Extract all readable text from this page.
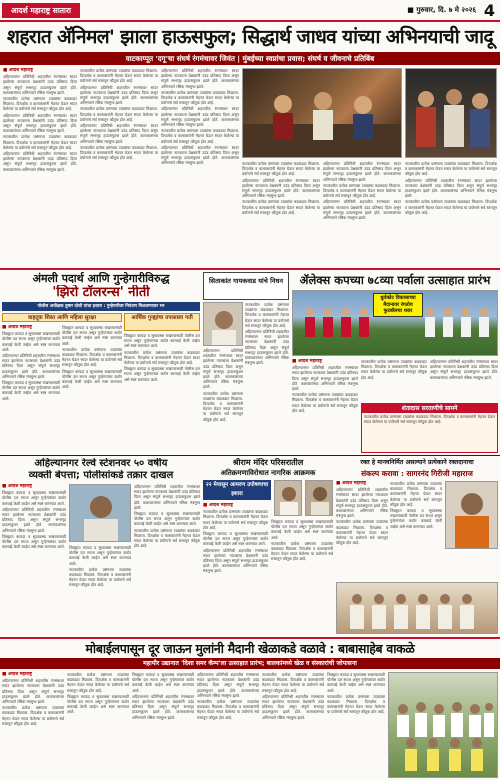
आदर्श महाराष्ट्र सातारा	■ गुरुवार, दि. ७ मे २०२६ 4
शहरात ॲनिमल' झाला हाऊसफुल; सिद्धार्थ जाधव यांच्या अभिनयाची जादू
वाटकाप्पूत 'दगू'चा संघर्ष रंगमंचावर जिवंत | मुंबईच्या स्वप्नांचा प्रवास; संघर्ष व जीवनाचे प्रतिबिंब
■ आदर्श महाराष्ट्र

अहिल्यानगर प्रतिनिधी शहरातील रंगमंचावर सादर झालेल्या नाटकाला प्रेक्षकांनी उदंड प्रतिसाद दिला असून संपूर्ण सभागृह हाऊसफुल्ल झाले होते. कलाकारांच्या अभिनयाने रसिक मंत्रमुग्ध झाले.

नाटकातील प्रत्येक प्रसंगाला टाळ्यांचा कडकडाट मिळाला. दिग्दर्शक व कलाकारांनी मेहनत घेऊन सादर केलेल्या या प्रयोगाचे सर्व स्तरातून कौतुक होत आहे.

अहिल्यानगर प्रतिनिधी शहरातील रंगमंचावर सादर झालेल्या नाटकाला प्रेक्षकांनी उदंड प्रतिसाद दिला असून संपूर्ण सभागृह हाऊसफुल्ल झाले होते. कलाकारांच्या अभिनयाने रसिक मंत्रमुग्ध झाले.

नाटकातील प्रत्येक प्रसंगाला टाळ्यांचा कडकडाट मिळाला. दिग्दर्शक व कलाकारांनी मेहनत घेऊन सादर केलेल्या या प्रयोगाचे सर्व स्तरातून कौतुक होत आहे.

अहिल्यानगर प्रतिनिधी शहरातील रंगमंचावर सादर झालेल्या नाटकाला प्रेक्षकांनी उदंड प्रतिसाद दिला असून संपूर्ण सभागृह हाऊसफुल्ल झाले होते. कलाकारांच्या अभिनयाने रसिक मंत्रमुग्ध झाले.

नाटकातील प्रत्येक प्रसंगाला टाळ्यांचा कडकडाट मिळाला. दिग्दर्शक व कलाकारांनी मेहनत घेऊन सादर केलेल्या या प्रयोगाचे सर्व स्तरातून कौतुक होत आहे.

अहिल्यानगर प्रतिनिधी शहरातील रंगमंचावर सादर झालेल्या नाटकाला प्रेक्षकांनी उदंड प्रतिसाद दिला असून संपूर्ण सभागृह हाऊसफुल्ल झाले होते. कलाकारांच्या अभिनयाने रसिक मंत्रमुग्ध झाले.

नाटकातील प्रत्येक प्रसंगाला टाळ्यांचा कडकडाट मिळाला. दिग्दर्शक व कलाकारांनी मेहनत घेऊन सादर केलेल्या या प्रयोगाचे सर्व स्तरातून कौतुक होत आहे.

अहिल्यानगर प्रतिनिधी शहरातील रंगमंचावर सादर झालेल्या नाटकाला प्रेक्षकांनी उदंड प्रतिसाद दिला असून संपूर्ण सभागृह हाऊसफुल्ल झाले होते. कलाकारांच्या अभिनयाने रसिक मंत्रमुग्ध झाले.

नाटकातील प्रत्येक प्रसंगाला टाळ्यांचा कडकडाट मिळाला. दिग्दर्शक व कलाकारांनी मेहनत घेऊन सादर केलेल्या या प्रयोगाचे सर्व स्तरातून कौतुक होत आहे.

अहिल्यानगर प्रतिनिधी शहरातील रंगमंचावर सादर झालेल्या नाटकाला प्रेक्षकांनी उदंड प्रतिसाद दिला असून संपूर्ण सभागृह हाऊसफुल्ल झाले होते. कलाकारांच्या अभिनयाने रसिक मंत्रमुग्ध झाले.

नाटकातील प्रत्येक प्रसंगाला टाळ्यांचा कडकडाट मिळाला. दिग्दर्शक व कलाकारांनी मेहनत घेऊन सादर केलेल्या या प्रयोगाचे सर्व स्तरातून कौतुक होत आहे.

अहिल्यानगर प्रतिनिधी शहरातील रंगमंचावर सादर झालेल्या नाटकाला प्रेक्षकांनी उदंड प्रतिसाद दिला असून संपूर्ण सभागृह हाऊसफुल्ल झाले होते. कलाकारांच्या अभिनयाने रसिक मंत्रमुग्ध झाले.

नाटकातील प्रत्येक प्रसंगाला टाळ्यांचा कडकडाट मिळाला. दिग्दर्शक व कलाकारांनी मेहनत घेऊन सादर केलेल्या या प्रयोगाचे सर्व स्तरातून कौतुक होत आहे.

अहिल्यानगर प्रतिनिधी शहरातील रंगमंचावर सादर झालेल्या नाटकाला प्रेक्षकांनी उदंड प्रतिसाद दिला असून संपूर्ण सभागृह हाऊसफुल्ल झाले होते. कलाकारांच्या अभिनयाने रसिक मंत्रमुग्ध झाले.	नाटकातील प्रत्येक प्रसंगाला टाळ्यांचा कडकडाट मिळाला. दिग्दर्शक व कलाकारांनी मेहनत घेऊन सादर केलेल्या या प्रयोगाचे सर्व स्तरातून कौतुक होत आहे.

अहिल्यानगर प्रतिनिधी शहरातील रंगमंचावर सादर झालेल्या नाटकाला प्रेक्षकांनी उदंड प्रतिसाद दिला असून संपूर्ण सभागृह हाऊसफुल्ल झाले होते. कलाकारांच्या अभिनयाने रसिक मंत्रमुग्ध झाले.

नाटकातील प्रत्येक प्रसंगाला टाळ्यांचा कडकडाट मिळाला. दिग्दर्शक व कलाकारांनी मेहनत घेऊन सादर केलेल्या या प्रयोगाचे सर्व स्तरातून कौतुक होत आहे.

अहिल्यानगर प्रतिनिधी शहरातील रंगमंचावर सादर झालेल्या नाटकाला प्रेक्षकांनी उदंड प्रतिसाद दिला असून संपूर्ण सभागृह हाऊसफुल्ल झाले होते. कलाकारांच्या अभिनयाने रसिक मंत्रमुग्ध झाले.

नाटकातील प्रत्येक प्रसंगाला टाळ्यांचा कडकडाट मिळाला. दिग्दर्शक व कलाकारांनी मेहनत घेऊन सादर केलेल्या या प्रयोगाचे सर्व स्तरातून कौतुक होत आहे.

अहिल्यानगर प्रतिनिधी शहरातील रंगमंचावर सादर झालेल्या नाटकाला प्रेक्षकांनी उदंड प्रतिसाद दिला असून संपूर्ण सभागृह हाऊसफुल्ल झाले होते. कलाकारांच्या अभिनयाने रसिक मंत्रमुग्ध झाले.

नाटकातील प्रत्येक प्रसंगाला टाळ्यांचा कडकडाट मिळाला. दिग्दर्शक व कलाकारांनी मेहनत घेऊन सादर केलेल्या या प्रयोगाचे सर्व स्तरातून कौतुक होत आहे.

अहिल्यानगर प्रतिनिधी शहरातील रंगमंचावर सादर झालेल्या नाटकाला प्रेक्षकांनी उदंड प्रतिसाद दिला असून संपूर्ण सभागृह हाऊसफुल्ल झाले होते. कलाकारांच्या अभिनयाने रसिक मंत्रमुग्ध झाले.

नाटकातील प्रत्येक प्रसंगाला टाळ्यांचा कडकडाट मिळाला. दिग्दर्शक व कलाकारांनी मेहनत घेऊन सादर केलेल्या या प्रयोगाचे सर्व स्तरातून कौतुक होत आहे.

अंमली पदार्थ आणि गुन्हेगारीविरुद्ध
'झिरो टॉलरन्स' नीती
पोलीस अधीक्षक तुषार दोशी यांचा इशारा : गुन्हेगारीवर नियंत्रण मिळवण्यावर भर
वाहतूक शिस्त आणि महिला सुरक्षा	आर्थिक गुन्ह्यांचा तपासाला गती
■ आदर्श महाराष्ट्र

जिल्ह्यात कायदा व सुव्यवस्था राखण्यासाठी पोलीस दल सज्ज असून गुन्हेगारांवर कठोर कारवाई केली जाईल असे स्पष्ट करण्यात आले.

अहिल्यानगर प्रतिनिधी शहरातील रंगमंचावर सादर झालेल्या नाटकाला प्रेक्षकांनी उदंड प्रतिसाद दिला असून संपूर्ण सभागृह हाऊसफुल्ल झाले होते. कलाकारांच्या अभिनयाने रसिक मंत्रमुग्ध झाले.

जिल्ह्यात कायदा व सुव्यवस्था राखण्यासाठी पोलीस दल सज्ज असून गुन्हेगारांवर कठोर कारवाई केली जाईल असे स्पष्ट करण्यात आले.

जिल्ह्यात कायदा व सुव्यवस्था राखण्यासाठी पोलीस दल सज्ज असून गुन्हेगारांवर कठोर कारवाई केली जाईल असे स्पष्ट करण्यात आले.

नाटकातील प्रत्येक प्रसंगाला टाळ्यांचा कडकडाट मिळाला. दिग्दर्शक व कलाकारांनी मेहनत घेऊन सादर केलेल्या या प्रयोगाचे सर्व स्तरातून कौतुक होत आहे.

जिल्ह्यात कायदा व सुव्यवस्था राखण्यासाठी पोलीस दल सज्ज असून गुन्हेगारांवर कठोर कारवाई केली जाईल असे स्पष्ट करण्यात आले.

जिल्ह्यात कायदा व सुव्यवस्था राखण्यासाठी पोलीस दल सज्ज असून गुन्हेगारांवर कठोर कारवाई केली जाईल असे स्पष्ट करण्यात आले.

नाटकातील प्रत्येक प्रसंगाला टाळ्यांचा कडकडाट मिळाला. दिग्दर्शक व कलाकारांनी मेहनत घेऊन सादर केलेल्या या प्रयोगाचे सर्व स्तरातून कौतुक होत आहे.

जिल्ह्यात कायदा व सुव्यवस्था राखण्यासाठी पोलीस दल सज्ज असून गुन्हेगारांवर कठोर कारवाई केली जाईल असे स्पष्ट करण्यात आले.

सिताकांत गायकवाड यांचे निधन

नाटकातील प्रत्येक प्रसंगाला टाळ्यांचा कडकडाट मिळाला. दिग्दर्शक व कलाकारांनी मेहनत घेऊन सादर केलेल्या या प्रयोगाचे सर्व स्तरातून कौतुक होत आहे.

अहिल्यानगर प्रतिनिधी शहरातील रंगमंचावर सादर झालेल्या नाटकाला प्रेक्षकांनी उदंड प्रतिसाद दिला असून संपूर्ण सभागृह हाऊसफुल्ल झाले होते. कलाकारांच्या अभिनयाने रसिक मंत्रमुग्ध झाले.

अहिल्यानगर प्रतिनिधी शहरातील रंगमंचावर सादर झालेल्या नाटकाला प्रेक्षकांनी उदंड प्रतिसाद दिला असून संपूर्ण सभागृह हाऊसफुल्ल झाले होते. कलाकारांच्या अभिनयाने रसिक मंत्रमुग्ध झाले.

नाटकातील प्रत्येक प्रसंगाला टाळ्यांचा कडकडाट मिळाला. दिग्दर्शक व कलाकारांनी मेहनत घेऊन सादर केलेल्या या प्रयोगाचे सर्व स्तरातून कौतुक होत आहे.

ॲलेक्स कपच्या ७८व्या पर्वाला उत्साहात प्रारंभ
धुर्वकोट विकासाच्या मैदानावर रंगतोय फुटबॉलचा थरार
■ आदर्श महाराष्ट्र

अहिल्यानगर प्रतिनिधी शहरातील रंगमंचावर सादर झालेल्या नाटकाला प्रेक्षकांनी उदंड प्रतिसाद दिला असून संपूर्ण सभागृह हाऊसफुल्ल झाले होते. कलाकारांच्या अभिनयाने रसिक मंत्रमुग्ध झाले.

नाटकातील प्रत्येक प्रसंगाला टाळ्यांचा कडकडाट मिळाला. दिग्दर्शक व कलाकारांनी मेहनत घेऊन सादर केलेल्या या प्रयोगाचे सर्व स्तरातून कौतुक होत आहे.

नाटकातील प्रत्येक प्रसंगाला टाळ्यांचा कडकडाट मिळाला. दिग्दर्शक व कलाकारांनी मेहनत घेऊन सादर केलेल्या या प्रयोगाचे सर्व स्तरातून कौतुक होत आहे.

अहिल्यानगर प्रतिनिधी शहरातील रंगमंचावर सादर झालेल्या नाटकाला प्रेक्षकांनी उदंड प्रतिसाद दिला असून संपूर्ण सभागृह हाऊसफुल्ल झाले होते. कलाकारांच्या अभिनयाने रसिक मंत्रमुग्ध झाले.

शंतादास सरताणीचे सामने

नाटकातील प्रत्येक प्रसंगाला टाळ्यांचा कडकडाट मिळाला. दिग्दर्शक व कलाकारांनी मेहनत घेऊन सादर केलेल्या या प्रयोगाचे सर्व स्तरातून कौतुक होत आहे.

अहिल्यानगर रेल्वे स्टेशनवर ५० वर्षीय
व्यक्ती बेपत्ता; पोलीसांकडे तक्रार दाखल
■ आदर्श महाराष्ट्र

जिल्ह्यात कायदा व सुव्यवस्था राखण्यासाठी पोलीस दल सज्ज असून गुन्हेगारांवर कठोर कारवाई केली जाईल असे स्पष्ट करण्यात आले.

अहिल्यानगर प्रतिनिधी शहरातील रंगमंचावर सादर झालेल्या नाटकाला प्रेक्षकांनी उदंड प्रतिसाद दिला असून संपूर्ण सभागृह हाऊसफुल्ल झाले होते. कलाकारांच्या अभिनयाने रसिक मंत्रमुग्ध झाले.

जिल्ह्यात कायदा व सुव्यवस्था राखण्यासाठी पोलीस दल सज्ज असून गुन्हेगारांवर कठोर कारवाई केली जाईल असे स्पष्ट करण्यात आले. जिल्ह्यात कायदा व सुव्यवस्था राखण्यासाठी पोलीस दल सज्ज असून गुन्हेगारांवर कठोर कारवाई केली जाईल असे स्पष्ट करण्यात आले.

नाटकातील प्रत्येक प्रसंगाला टाळ्यांचा कडकडाट मिळाला. दिग्दर्शक व कलाकारांनी मेहनत घेऊन सादर केलेल्या या प्रयोगाचे सर्व स्तरातून कौतुक होत आहे.

अहिल्यानगर प्रतिनिधी शहरातील रंगमंचावर सादर झालेल्या नाटकाला प्रेक्षकांनी उदंड प्रतिसाद दिला असून संपूर्ण सभागृह हाऊसफुल्ल झाले होते. कलाकारांच्या अभिनयाने रसिक मंत्रमुग्ध झाले.

जिल्ह्यात कायदा व सुव्यवस्था राखण्यासाठी पोलीस दल सज्ज असून गुन्हेगारांवर कठोर कारवाई केली जाईल असे स्पष्ट करण्यात आले.

नाटकातील प्रत्येक प्रसंगाला टाळ्यांचा कडकडाट मिळाला. दिग्दर्शक व कलाकारांनी मेहनत घेऊन सादर केलेल्या या प्रयोगाचे सर्व स्तरातून कौतुक होत आहे.

श्रीराम मंदिर परिसरातील
अतिक्रमणाविरोधात नागरिक आक्रमक
२२ मेपासून आमरण उपोषणाचा इशारा
■ आदर्श महाराष्ट्र

नाटकातील प्रत्येक प्रसंगाला टाळ्यांचा कडकडाट मिळाला. दिग्दर्शक व कलाकारांनी मेहनत घेऊन सादर केलेल्या या प्रयोगाचे सर्व स्तरातून कौतुक होत आहे.

जिल्ह्यात कायदा व सुव्यवस्था राखण्यासाठी पोलीस दल सज्ज असून गुन्हेगारांवर कठोर कारवाई केली जाईल असे स्पष्ट करण्यात आले.

अहिल्यानगर प्रतिनिधी शहरातील रंगमंचावर सादर झालेल्या नाटकाला प्रेक्षकांनी उदंड प्रतिसाद दिला असून संपूर्ण सभागृह हाऊसफुल्ल झाले होते. कलाकारांच्या अभिनयाने रसिक मंत्रमुग्ध झाले.

जिल्ह्यात कायदा व सुव्यवस्था राखण्यासाठी पोलीस दल सज्ज असून गुन्हेगारांवर कठोर कारवाई केली जाईल असे स्पष्ट करण्यात आले.

नाटकातील प्रत्येक प्रसंगाला टाळ्यांचा कडकडाट मिळाला. दिग्दर्शक व कलाकारांनी मेहनत घेऊन सादर केलेल्या या प्रयोगाचे सर्व स्तरातून कौतुक होत आहे.

रक्त हे मानवनिर्मित असल्याने प्रत्येकाने रक्तदानाचा
संकल्प करावा : सागरनंद गिरीजी महाराज
■ आदर्श महाराष्ट्र

अहिल्यानगर प्रतिनिधी शहरातील रंगमंचावर सादर झालेल्या नाटकाला प्रेक्षकांनी उदंड प्रतिसाद दिला असून संपूर्ण सभागृह हाऊसफुल्ल झाले होते. कलाकारांच्या अभिनयाने रसिक मंत्रमुग्ध झाले.

नाटकातील प्रत्येक प्रसंगाला टाळ्यांचा कडकडाट मिळाला. दिग्दर्शक व कलाकारांनी मेहनत घेऊन सादर केलेल्या या प्रयोगाचे सर्व स्तरातून कौतुक होत आहे.

नाटकातील प्रत्येक प्रसंगाला टाळ्यांचा कडकडाट मिळाला. दिग्दर्शक व कलाकारांनी मेहनत घेऊन सादर केलेल्या या प्रयोगाचे सर्व स्तरातून कौतुक होत आहे.

जिल्ह्यात कायदा व सुव्यवस्था राखण्यासाठी पोलीस दल सज्ज असून गुन्हेगारांवर कठोर कारवाई केली जाईल असे स्पष्ट करण्यात आले.

मोबाईलपासून दूर जाऊन मुलांनी मैदानी खेळाकडे वळावे : बाबासाहेब वाकळे
महापौर उद्यानात 'दिशा समर कॅम्प'ला उत्साहात प्रारंभ; बालकांमध्ये खेळ व संस्कारांची जोपासना
■ आदर्श महाराष्ट्र

अहिल्यानगर प्रतिनिधी शहरातील रंगमंचावर सादर झालेल्या नाटकाला प्रेक्षकांनी उदंड प्रतिसाद दिला असून संपूर्ण सभागृह हाऊसफुल्ल झाले होते. कलाकारांच्या अभिनयाने रसिक मंत्रमुग्ध झाले.

नाटकातील प्रत्येक प्रसंगाला टाळ्यांचा कडकडाट मिळाला. दिग्दर्शक व कलाकारांनी मेहनत घेऊन सादर केलेल्या या प्रयोगाचे सर्व स्तरातून कौतुक होत आहे.

नाटकातील प्रत्येक प्रसंगाला टाळ्यांचा कडकडाट मिळाला. दिग्दर्शक व कलाकारांनी मेहनत घेऊन सादर केलेल्या या प्रयोगाचे सर्व स्तरातून कौतुक होत आहे.

जिल्ह्यात कायदा व सुव्यवस्था राखण्यासाठी पोलीस दल सज्ज असून गुन्हेगारांवर कठोर कारवाई केली जाईल असे स्पष्ट करण्यात आले.

जिल्ह्यात कायदा व सुव्यवस्था राखण्यासाठी पोलीस दल सज्ज असून गुन्हेगारांवर कठोर कारवाई केली जाईल असे स्पष्ट करण्यात आले.

अहिल्यानगर प्रतिनिधी शहरातील रंगमंचावर सादर झालेल्या नाटकाला प्रेक्षकांनी उदंड प्रतिसाद दिला असून संपूर्ण सभागृह हाऊसफुल्ल झाले होते. कलाकारांच्या अभिनयाने रसिक मंत्रमुग्ध झाले.

अहिल्यानगर प्रतिनिधी शहरातील रंगमंचावर सादर झालेल्या नाटकाला प्रेक्षकांनी उदंड प्रतिसाद दिला असून संपूर्ण सभागृह हाऊसफुल्ल झाले होते. कलाकारांच्या अभिनयाने रसिक मंत्रमुग्ध झाले.

नाटकातील प्रत्येक प्रसंगाला टाळ्यांचा कडकडाट मिळाला. दिग्दर्शक व कलाकारांनी मेहनत घेऊन सादर केलेल्या या प्रयोगाचे सर्व स्तरातून कौतुक होत आहे.

नाटकातील प्रत्येक प्रसंगाला टाळ्यांचा कडकडाट मिळाला. दिग्दर्शक व कलाकारांनी मेहनत घेऊन सादर केलेल्या या प्रयोगाचे सर्व स्तरातून कौतुक होत आहे.

अहिल्यानगर प्रतिनिधी शहरातील रंगमंचावर सादर झालेल्या नाटकाला प्रेक्षकांनी उदंड प्रतिसाद दिला असून संपूर्ण सभागृह हाऊसफुल्ल झाले होते. कलाकारांच्या अभिनयाने रसिक मंत्रमुग्ध झाले.

जिल्ह्यात कायदा व सुव्यवस्था राखण्यासाठी पोलीस दल सज्ज असून गुन्हेगारांवर कठोर कारवाई केली जाईल असे स्पष्ट करण्यात आले.

नाटकातील प्रत्येक प्रसंगाला टाळ्यांचा कडकडाट मिळाला. दिग्दर्शक व कलाकारांनी मेहनत घेऊन सादर केलेल्या या प्रयोगाचे सर्व स्तरातून कौतुक होत आहे.
